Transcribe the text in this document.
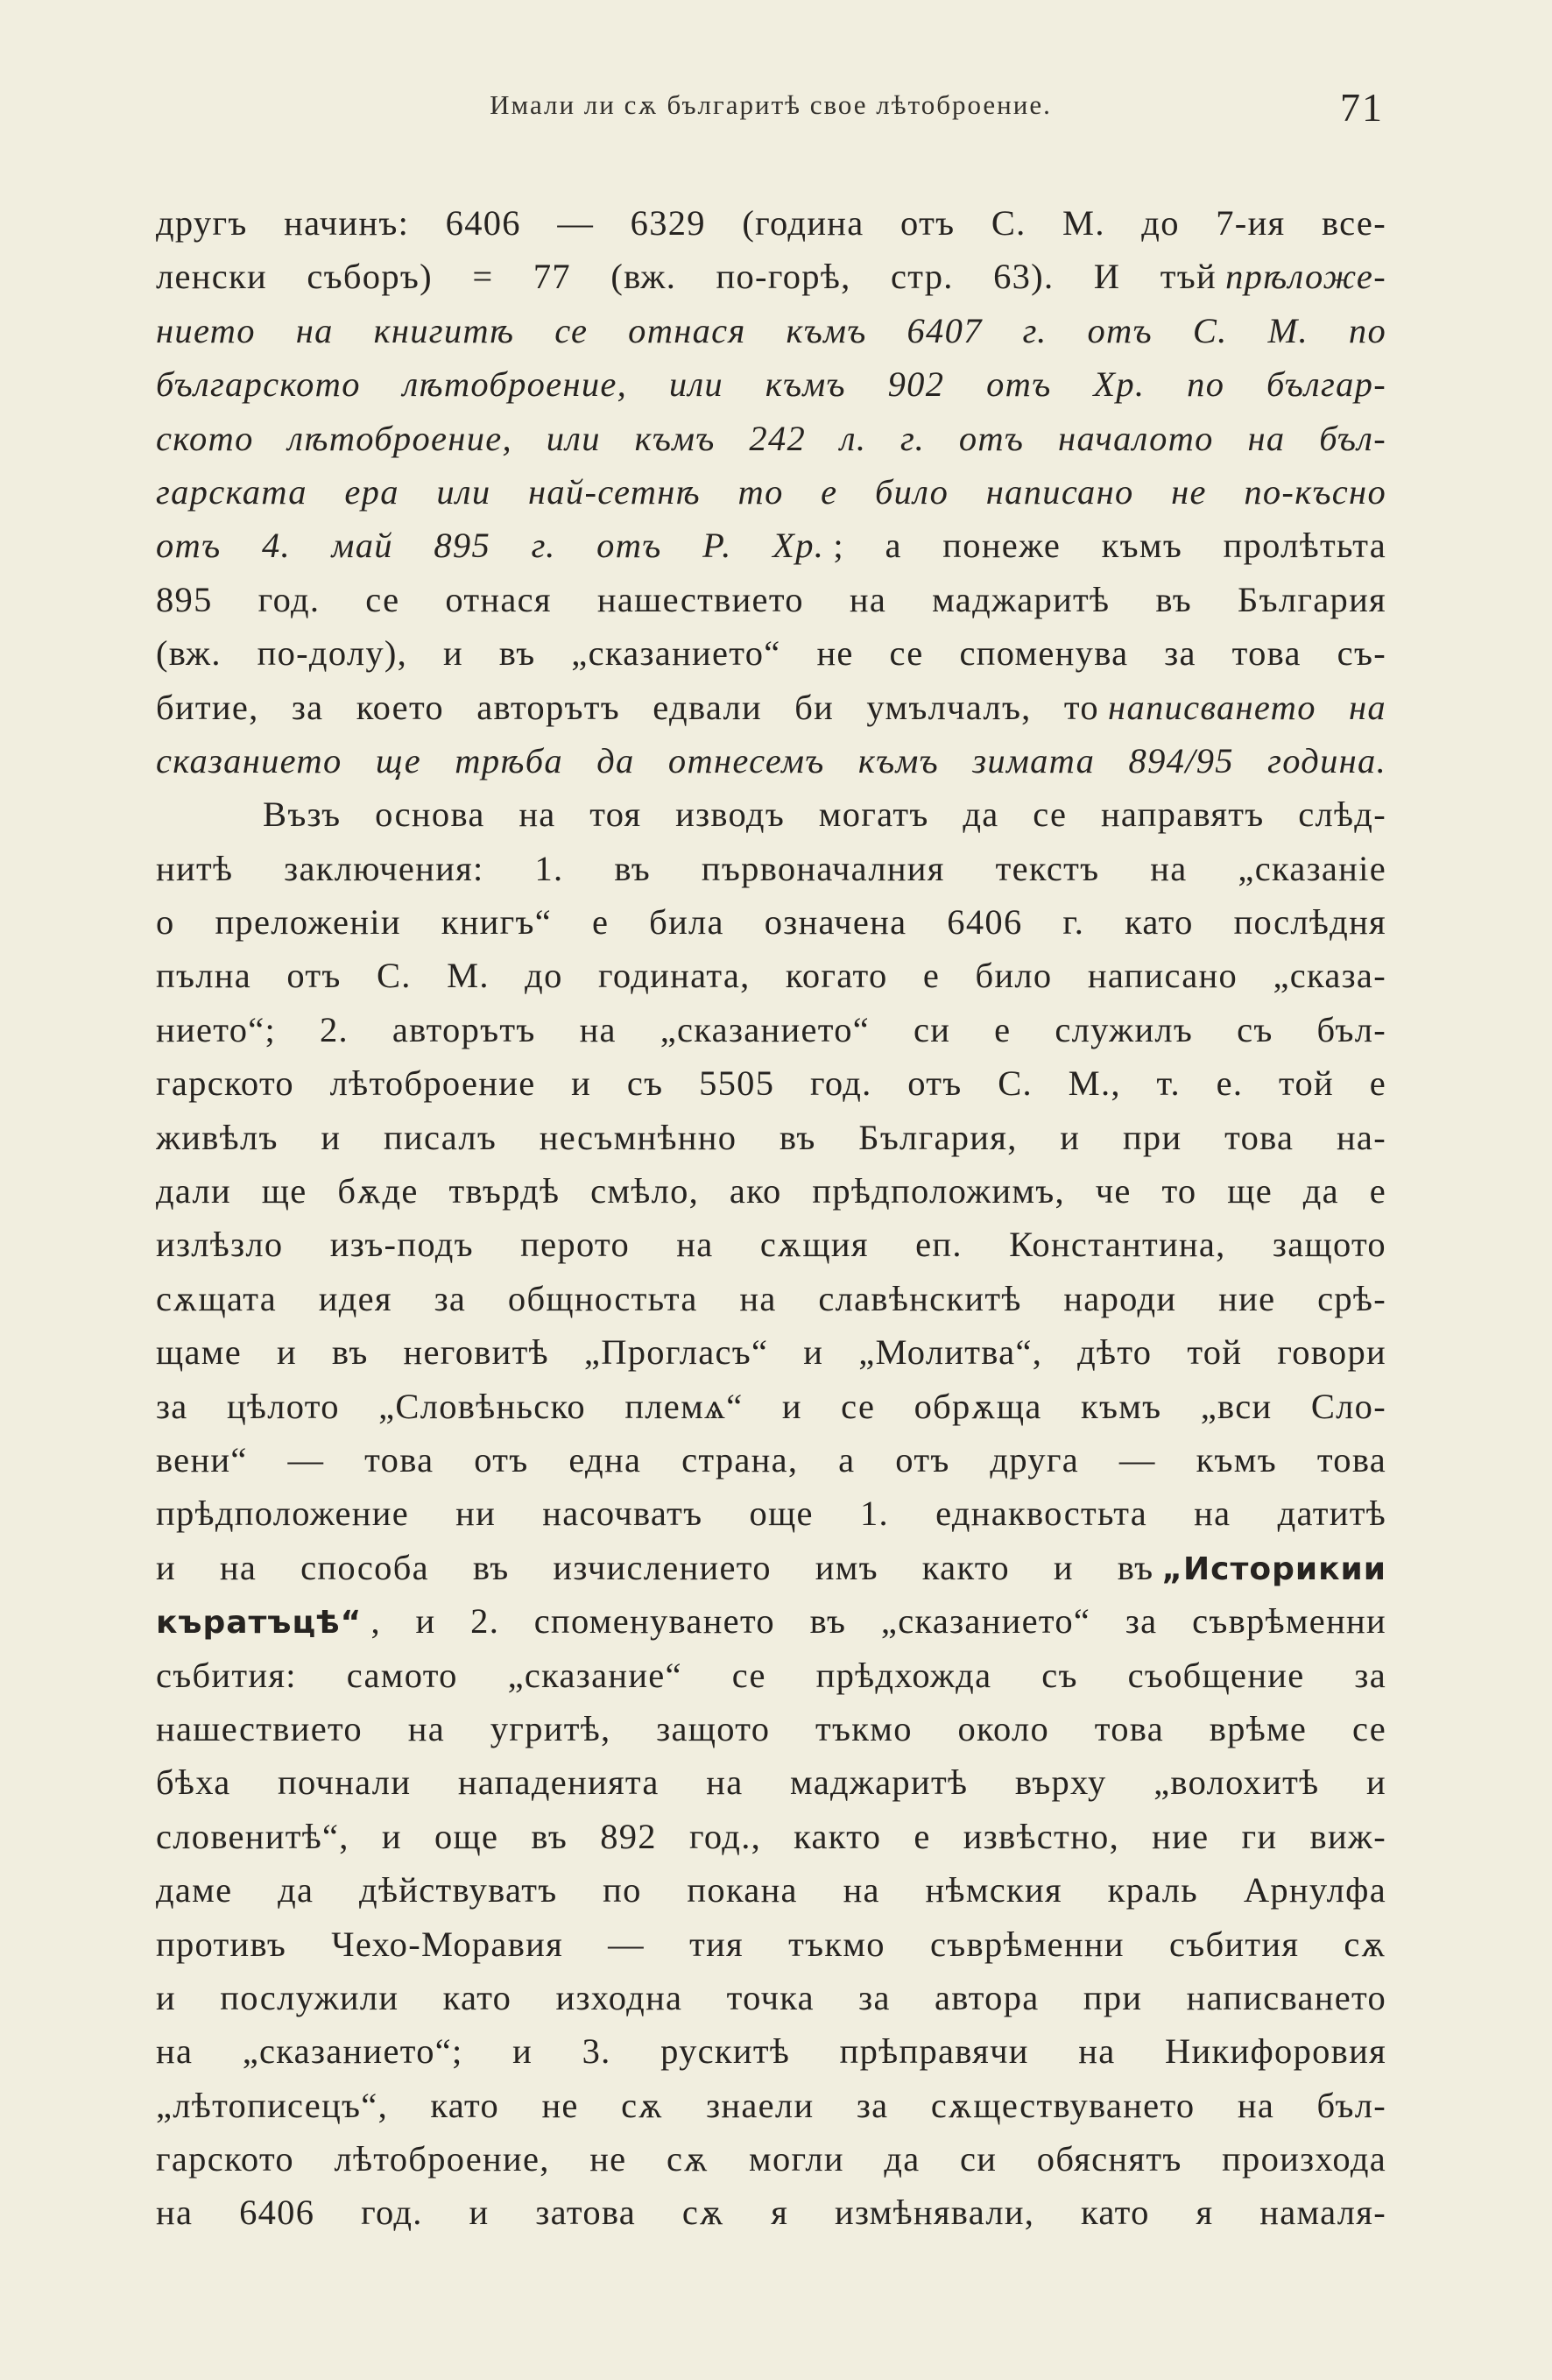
Имали ли сѫ българитѣ свое лѣтоброение.	71
другъ начинъ: 6406 — 6329 (година отъ С. М. до 7-ия все-
ленски съборъ) = 77 (вж. по-горѣ, стр. 63). И тъй прѣложе-
нието на книгитѣ се отнася къмъ 6407 г. отъ С. М. по
българското лѣтоброение, или къмъ 902 отъ Хр. по българ-
ското лѣтоброение, или къмъ 242 л. г. отъ началото на бъл-
гарската ера или най-сетнѣ то е било написано не по-късно
отъ 4. май 895 г. отъ Р. Хр. ; а понеже къмъ пролѣтьта
895 год. се отнася нашествието на маджаритѣ въ България
(вж. по-долу), и въ „сказанието“ не се споменува за това съ-
битие, за което авторътъ едвали би умълчалъ, то написването на
сказанието ще трѣба да отнесемъ къмъ зимата 894/95 година.
Възъ основа на тоя изводъ могатъ да се направятъ слѣд-
нитѣ заключения: 1. въ първоначалния текстъ на „сказаніе
о преложеніи книгъ“ е била означена 6406 г. като послѣдня
пълна отъ С. М. до годината, когато е било написано „сказа-
нието“; 2. авторътъ на „сказанието“ си е служилъ съ бъл-
гарското лѣтоброение и съ 5505 год. отъ С. М., т. е. той е
живѣлъ и писалъ несъмнѣнно въ България, и при това на-
дали ще бѫде твърдѣ смѣло, ако прѣдположимъ, че то ще да е
излѣзло изъ-подъ перото на сѫщия еп. Константина, защото
сѫщата идея за общностьта на славѣнскитѣ народи ние срѣ-
щаме и въ неговитѣ „Прогласъ“ и „Молитва“, дѣто той говори
за цѣлото „Словѣньско племѧ“ и се обрѫща къмъ „вси Сло-
вени“ — това отъ една страна, а отъ друга — къмъ това
прѣдположение ни насочватъ още 1. еднаквостьта на датитѣ
и на способа въ изчислението имъ както и въ „Историкии
къратъцѣ“ , и 2. споменуването въ „сказанието“ за съврѣменни
събития: самото „сказание“ се прѣдхожда съ съобщение за
нашествието на угритѣ, защото тъкмо около това врѣме се
бѣха почнали нападенията на маджаритѣ върху „волохитѣ и
словенитѣ“, и още въ 892 год., както е извѣстно, ние ги виж-
даме да дѣйствуватъ по покана на нѣмския краль Арнулфа
противъ Чехо-Моравия — тия тъкмо съврѣменни събития сѫ
и послужили като изходна точка за автора при написването
на „сказанието“; и 3. рускитѣ прѣправячи на Никифоровия
„лѣтописецъ“, като не сѫ знаели за сѫществуването на бъл-
гарското лѣтоброение, не сѫ могли да си обяснятъ произхода
на 6406 год. и затова сѫ я измѣнявали, като я намаля-
